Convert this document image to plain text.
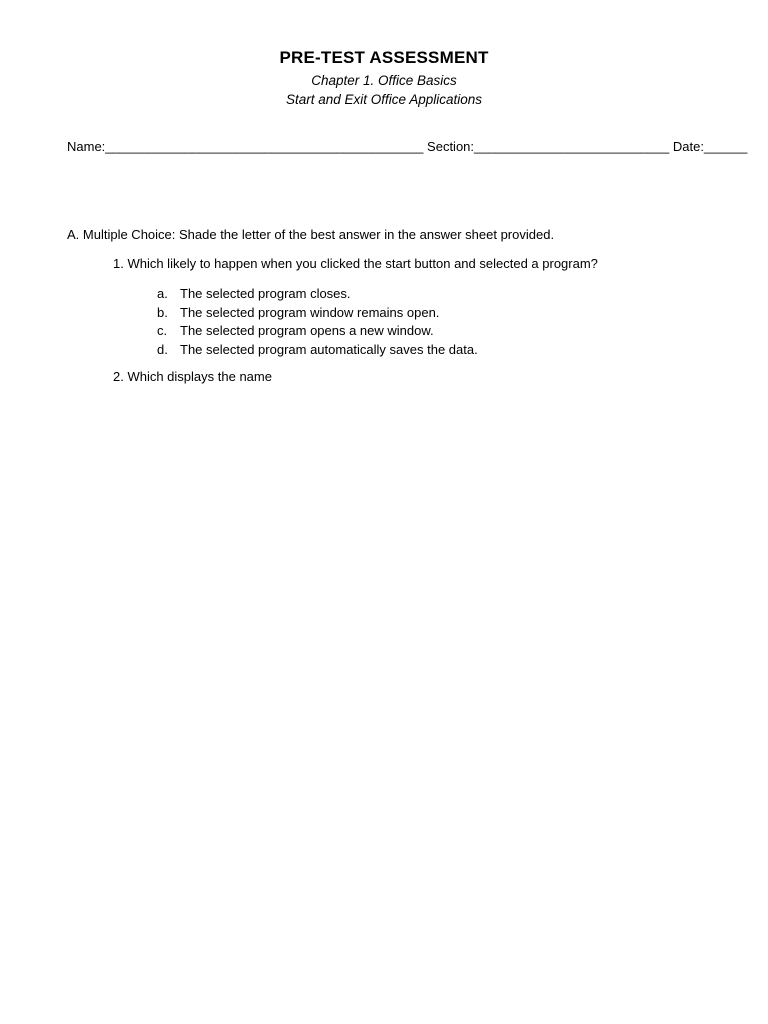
PRE-TEST ASSESSMENT
Chapter 1. Office Basics
Start and Exit Office Applications
Name:____________________________________________ Section:___________________________ Date:______
A. Multiple Choice: Shade the letter of the best answer in the answer sheet provided.
1. Which likely to happen when you clicked the start button and selected a program?
a. The selected program closes.
b. The selected program window remains open.
c. The selected program opens a new window.
d. The selected program automatically saves the data.
2. Which displays the name
